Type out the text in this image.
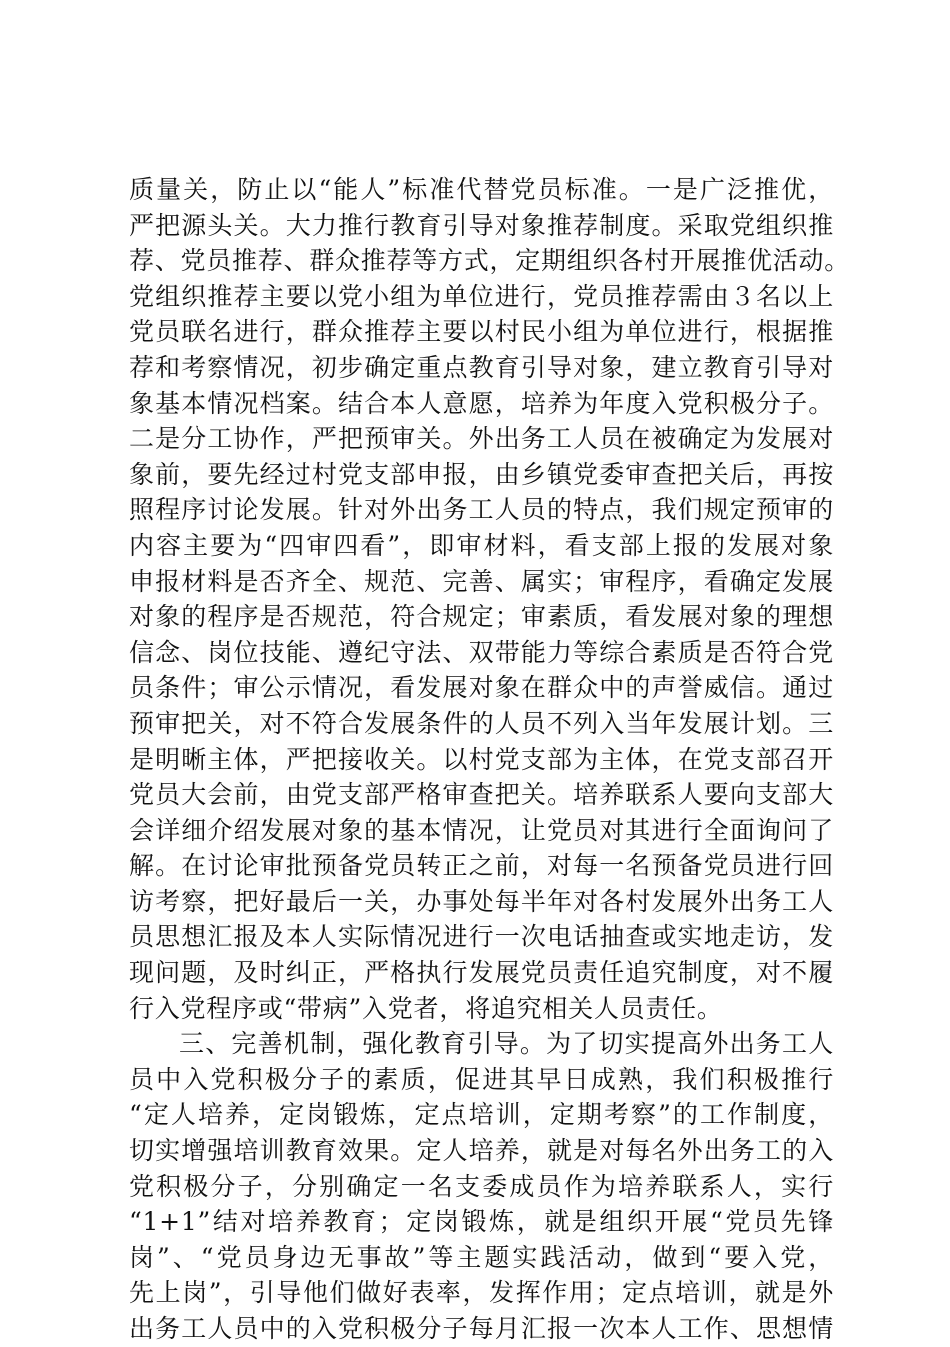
质量关，防止以“能人”标准代替党员标准。一是广泛推优，
严把源头关。大力推行教育引导对象推荐制度。采取党组织推
荐、党员推荐、群众推荐等方式，定期组织各村开展推优活动。
党组织推荐主要以党小组为单位进行，党员推荐需由３名以上
党员联名进行，群众推荐主要以村民小组为单位进行，根据推
荐和考察情况，初步确定重点教育引导对象，建立教育引导对
象基本情况档案。结合本人意愿，培养为年度入党积极分子。
二是分工协作，严把预审关。外出务工人员在被确定为发展对
象前，要先经过村党支部申报，由乡镇党委审查把关后，再按
照程序讨论发展。针对外出务工人员的特点，我们规定预审的
内容主要为“四审四看”，即审材料，看支部上报的发展对象
申报材料是否齐全、规范、完善、属实；审程序，看确定发展
对象的程序是否规范，符合规定；审素质，看发展对象的理想
信念、岗位技能、遵纪守法、双带能力等综合素质是否符合党
员条件；审公示情况，看发展对象在群众中的声誉威信。通过
预审把关，对不符合发展条件的人员不列入当年发展计划。三
是明晰主体，严把接收关。以村党支部为主体，在党支部召开
党员大会前，由党支部严格审查把关。培养联系人要向支部大
会详细介绍发展对象的基本情况，让党员对其进行全面询问了
解。在讨论审批预备党员转正之前，对每一名预备党员进行回
访考察，把好最后一关，办事处每半年对各村发展外出务工人
员思想汇报及本人实际情况进行一次电话抽查或实地走访，发
现问题，及时纠正，严格执行发展党员责任追究制度，对不履
行入党程序或“带病”入党者，将追究相关人员责任。
三、完善机制，强化教育引导。为了切实提高外出务工人
员中入党积极分子的素质，促进其早日成熟，我们积极推行
“定人培养，定岗锻炼，定点培训，定期考察”的工作制度，
切实增强培训教育效果。定人培养，就是对每名外出务工的入
党积极分子，分别确定一名支委成员作为培养联系人，实行
“1+1”结对培养教育；定岗锻炼，就是组织开展“党员先锋
岗”、“党员身边无事故”等主题实践活动，做到“要入党，
先上岗”，引导他们做好表率，发挥作用；定点培训，就是外
出务工人员中的入党积极分子每月汇报一次本人工作、思想情
